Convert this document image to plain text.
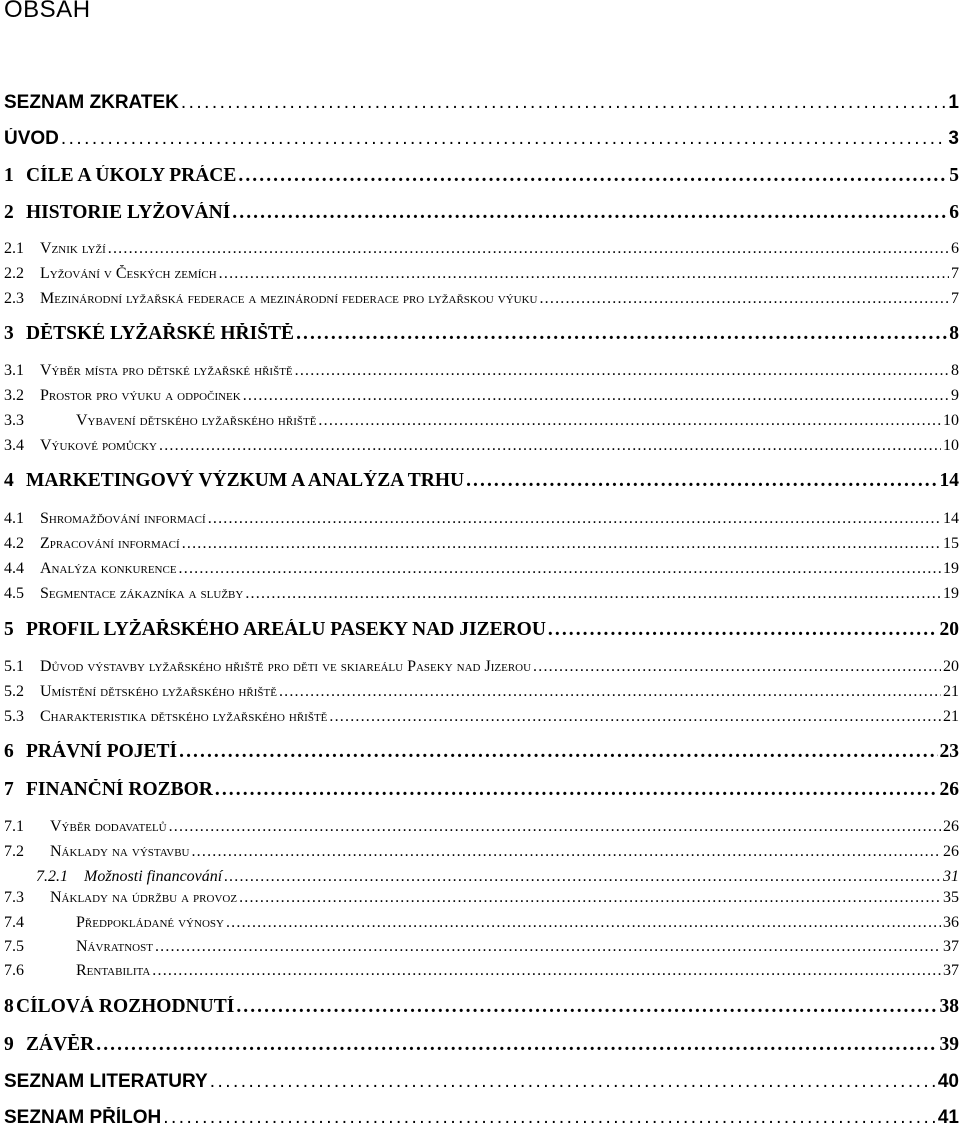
OBSAH
SEZNAM ZKRATEK . . .	1
ÚVOD . . .	3
1 CÍLE A ÚKOLY PRÁCE . . .	5
2 HISTORIE LYŽOVÁNÍ . . .	6
2.1	Vznik lyží . . .	6
2.2	Lyžování v Českých zemích . . .	7
2.3	Mezinárodní lyžařská federace a mezinárodní federace pro lyžařskou výuku . . .	7
3 DĚTSKÉ LYŽAŘSKÉ HŘIŠTĚ . . .	8
3.1	Výběr místa pro dětské lyžařské hřiště . . .	8
3.2	Prostor pro výuku a odpočinek . . .	9
3.3	Vybavení dětského lyžařského hřiště . . .	10
3.4	Výukové pomůcky . . .	10
4 MARKETINGOVÝ VÝZKUM A ANALÝZA TRHU . . .	14
4.1	Shromažďování informací . . .	14
4.2	Zpracování informací . . .	15
4.4	Analýza konkurence . . .	19
4.5	Segmentace zákazníka a služby . . .	19
5 PROFIL LYŽAŘSKÉHO AREÁLU PASEKY NAD JIZEROU . . .	20
5.1	Důvod výstavby lyžařského hřiště pro děti ve skiareálu Paseky nad Jizerou . . .	20
5.2	Umístění dětského lyžařského hřiště . . .	21
5.3	Charakteristika dětského lyžařského hřiště . . .	21
6 PRÁVNÍ POJETÍ . . .	23
7 FINANČNÍ ROZBOR . . .	26
7.1	Výběr dodavatelů . . .	26
7.2	Náklady na výstavbu . . .	26
7.2.1	Možnosti financování . . .	31
7.3	Náklady na údržbu a provoz . . .	35
7.4	Předpokládané výnosy . . .	36
7.5	Návratnost . . .	37
7.6	Rentabilita . . .	37
8 CÍLOVÁ ROZHODNUTÍ . . .	38
9 ZÁVĚR . . .	39
SEZNAM LITERATURY . . .	40
SEZNAM PŘÍLOH . . .	41
